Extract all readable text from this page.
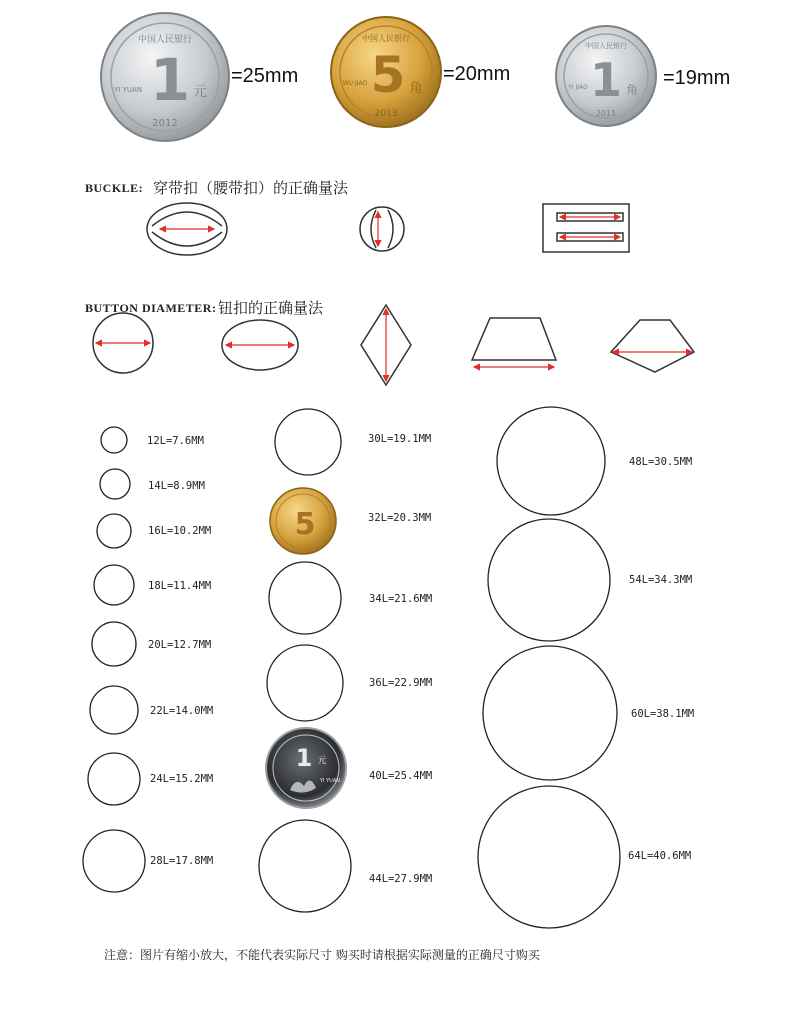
1 元
中国人民银行
2012
YI YUAN
=25mm 5 角
中国人民银行
2013
WU JIAO	=20mm 1 角
中国人民银行
2011
YI JIAO	=19mm
BUCKLE: 穿带扣（腰带扣）的正确量法
BUTTON DIAMETER: 钮扣的正确量法
12L=7.6MM
14L=8.9MM
16L=10.2MM
18L=11.4MM
20L=12.7MM
22L=14.0MM
24L=15.2MM
28L=17.8MM
5
1 元
YI YUAN
30L=19.1MM
32L=20.3MM
34L=21.6MM
36L=22.9MM
40L=25.4MM
44L=27.9MM
48L=30.5MM
54L=34.3MM
60L=38.1MM
64L=40.6MM
注意：图片有缩小放大，不能代表实际尺寸 购买时请根据实际测量的正确尺寸购买
